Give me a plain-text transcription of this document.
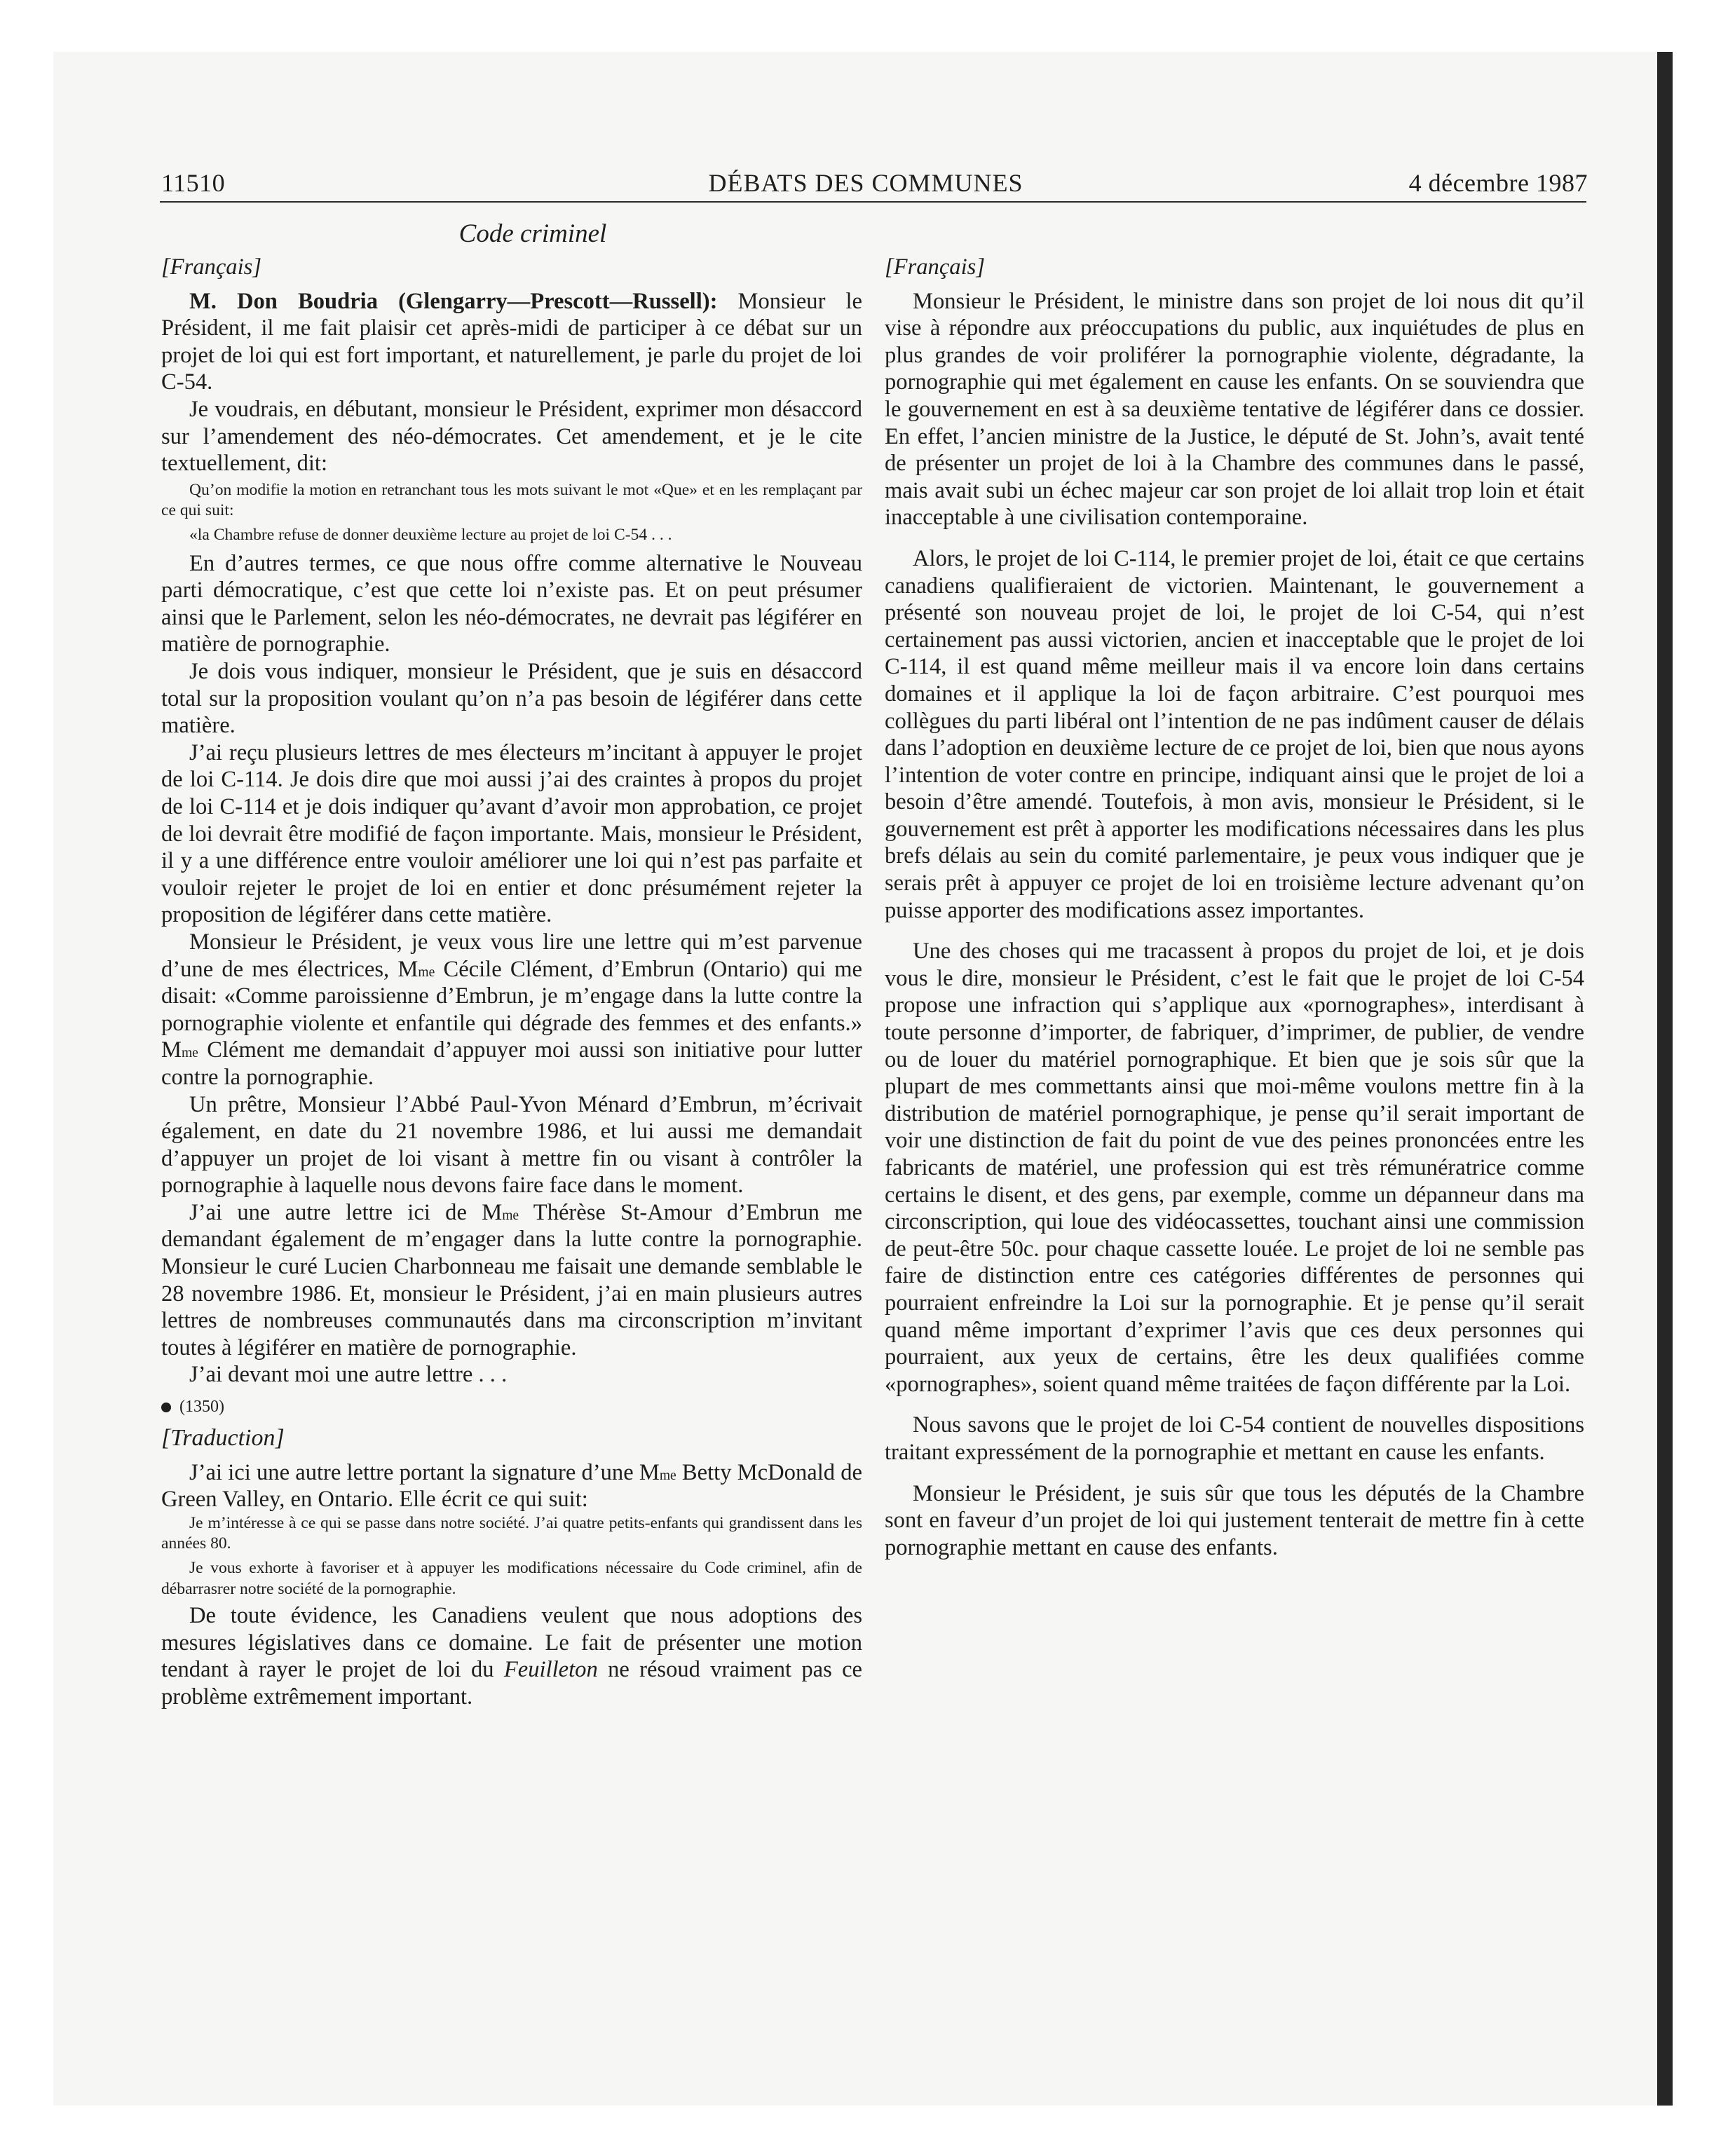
11510	DÉBATS DES COMMUNES	4 décembre 1987
Code criminel

[Français]

M. Don Boudria (Glengarry—Prescott—Russell): Monsieur le Président, il me fait plaisir cet après-midi de participer à ce débat sur un projet de loi qui est fort important, et naturellement, je parle du projet de loi C-54.

Je voudrais, en débutant, monsieur le Président, exprimer mon désaccord sur l’amendement des néo-démocrates. Cet amendement, et je le cite textuellement, dit:

Qu’on modifie la motion en retranchant tous les mots suivant le mot «Que» et en les remplaçant par ce qui suit:

«la Chambre refuse de donner deuxième lecture au projet de loi C-54 . . .

En d’autres termes, ce que nous offre comme alternative le Nouveau parti démocratique, c’est que cette loi n’existe pas. Et on peut présumer ainsi que le Parlement, selon les néo-démocrates, ne devrait pas légiférer en matière de pornographie.

Je dois vous indiquer, monsieur le Président, que je suis en désaccord total sur la proposition voulant qu’on n’a pas besoin de légiférer dans cette matière.

J’ai reçu plusieurs lettres de mes électeurs m’incitant à appuyer le projet de loi C-114. Je dois dire que moi aussi j’ai des craintes à propos du projet de loi C-114 et je dois indiquer qu’avant d’avoir mon approbation, ce projet de loi devrait être modifié de façon importante. Mais, monsieur le Président, il y a une différence entre vouloir améliorer une loi qui n’est pas parfaite et vouloir rejeter le projet de loi en entier et donc présumément rejeter la proposition de légiférer dans cette matière.

Monsieur le Président, je veux vous lire une lettre qui m’est parvenue d’une de mes électrices, $M^{me}$ Cécile Clément, d’Embrun (Ontario) qui me disait: «Comme paroissienne d’Embrun, je m’engage dans la lutte contre la pornographie violente et enfantile qui dégrade des femmes et des enfants.» $M^{me}$ Clément me demandait d’appuyer moi aussi son initiative pour lutter contre la pornographie.

Un prêtre, Monsieur l’Abbé Paul-Yvon Ménard d’Embrun, m’écrivait également, en date du 21 novembre 1986, et lui aussi me demandait d’appuyer un projet de loi visant à mettre fin ou visant à contrôler la pornographie à laquelle nous devons faire face dans le moment.

J’ai une autre lettre ici de $M^{me}$ Thérèse St-Amour d’Embrun me demandant également de m’engager dans la lutte contre la pornographie. Monsieur le curé Lucien Charbonneau me faisait une demande semblable le 28 novembre 1986. Et, monsieur le Président, j’ai en main plusieurs autres lettres de nombreuses communautés dans ma circonscription m’invitant toutes à légiférer en matière de pornographie.

J’ai devant moi une autre lettre . . .

(1350)

[Traduction]

J’ai ici une autre lettre portant la signature d’une $M^{me}$ Betty McDonald de Green Valley, en Ontario. Elle écrit ce qui suit:

Je m’intéresse à ce qui se passe dans notre société. J’ai quatre petits-enfants qui grandissent dans les années 80.

Je vous exhorte à favoriser et à appuyer les modifications nécessaire du Code criminel, afin de débarrasrer notre société de la pornographie.

De toute évidence, les Canadiens veulent que nous adoptions des mesures législatives dans ce domaine. Le fait de présenter une motion tendant à rayer le projet de loi du Feuilleton ne résoud vraiment pas ce problème extrêmement important.

[Français]

Monsieur le Président, le ministre dans son projet de loi nous dit qu’il vise à répondre aux préoccupations du public, aux inquiétudes de plus en plus grandes de voir proliférer la pornographie violente, dégradante, la pornographie qui met également en cause les enfants. On se souviendra que le gouvernement en est à sa deuxième tentative de légiférer dans ce dossier. En effet, l’ancien ministre de la Justice, le député de St. John’s, avait tenté de présenter un projet de loi à la Chambre des communes dans le passé, mais avait subi un échec majeur car son projet de loi allait trop loin et était inacceptable à une civilisation contemporaine.

Alors, le projet de loi C-114, le premier projet de loi, était ce que certains canadiens qualifieraient de victorien. Maintenant, le gouvernement a présenté son nouveau projet de loi, le projet de loi C-54, qui n’est certainement pas aussi victorien, ancien et inacceptable que le projet de loi C-114, il est quand même meilleur mais il va encore loin dans certains domaines et il applique la loi de façon arbitraire. C’est pourquoi mes collègues du parti libéral ont l’intention de ne pas indûment causer de délais dans l’adoption en deuxième lecture de ce projet de loi, bien que nous ayons l’intention de voter contre en principe, indiquant ainsi que le projet de loi a besoin d’être amendé. Toutefois, à mon avis, monsieur le Président, si le gouvernement est prêt à apporter les modifications nécessaires dans les plus brefs délais au sein du comité parlementaire, je peux vous indiquer que je serais prêt à appuyer ce projet de loi en troisième lecture advenant qu’on puisse apporter des modifications assez importantes.

Une des choses qui me tracassent à propos du projet de loi, et je dois vous le dire, monsieur le Président, c’est le fait que le projet de loi C-54 propose une infraction qui s’applique aux «pornographes», interdisant à toute personne d’importer, de fabriquer, d’imprimer, de publier, de vendre ou de louer du matériel pornographique. Et bien que je sois sûr que la plupart de mes commettants ainsi que moi-même voulons mettre fin à la distribution de matériel pornographique, je pense qu’il serait important de voir une distinction de fait du point de vue des peines prononcées entre les fabricants de matériel, une profession qui est très rémunératrice comme certains le disent, et des gens, par exemple, comme un dépanneur dans ma circonscription, qui loue des vidéocassettes, touchant ainsi une commission de peut-être 50c. pour chaque cassette louée. Le projet de loi ne semble pas faire de distinction entre ces catégories différentes de personnes qui pourraient enfreindre la Loi sur la pornographie. Et je pense qu’il serait quand même important d’exprimer l’avis que ces deux personnes qui pourraient, aux yeux de certains, être les deux qualifiées comme «pornographes», soient quand même traitées de façon différente par la Loi.

Nous savons que le projet de loi C-54 contient de nouvelles dispositions traitant expressément de la pornographie et mettant en cause les enfants.

Monsieur le Président, je suis sûr que tous les députés de la Chambre sont en faveur d’un projet de loi qui justement tenterait de mettre fin à cette pornographie mettant en cause des enfants.
